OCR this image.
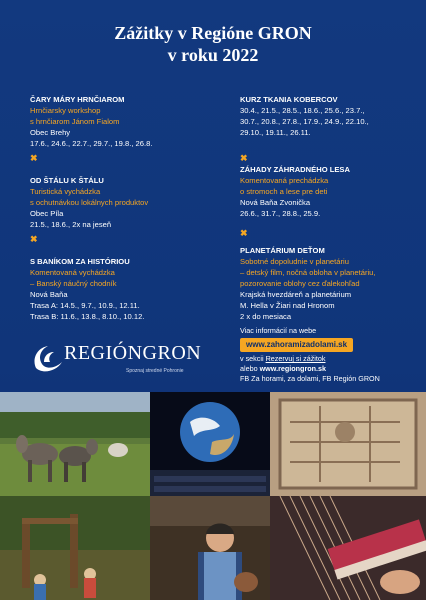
Zážitky v Regióne GRON
v roku 2022
ČARY MÁRY HRNČIAROM
Hrnčiarsky workshop
s hrnčiarom Jánom Fialom
Obec Brehy
17.6., 24.6., 22.7., 29.7., 19.8., 26.8.
OD ŠTÁLU K ŠTÁLU
Turistická vychádzka
s ochutnávkou lokálnych produktov
Obec Píla
21.5., 18.6., 2x na jeseň
S BANÍKOM ZA HISTÓRIOU
Komentovaná vychádzka
– Banský náučný chodník
Nová Baňa
Trasa A: 14.5., 9.7., 10.9., 12.11.
Trasa B: 11.6., 13.8., 8.10., 10.12.
✖
✖
✖
✖
KURZ TKANIA KOBERCOV
30.4., 21.5., 28.5., 18.6., 25.6., 23.7.,
30.7., 20.8., 27.8., 17.9., 24.9., 22.10.,
29.10., 19.11., 26.11.
ZÁHADY ZÁHRADNÉHO LESA
Komentovaná prechádzka
o stromoch a lese pre deti
Nová Baňa Zvonička
26.6., 31.7., 28.8., 25.9.
PLANETÁRIUM DEŤOM
Sobotné dopoludnie v planetáriu
– detský film, nočná obloha v planetáriu,
pozorovanie oblohy cez ďalekohľad
Krajská hvezdáreň a planetárium
M. Hella v Žiari nad Hronom
2 x do mesiaca
Viac informácií na webe
www.zahoramizadolami.sk
v sekcii Rezervuj si zážitok
alebo www.regiongron.sk
FB Za horami, za dolami, FB Región GRON
REGIÓNGRON
Spoznaj stredné Pohronie
